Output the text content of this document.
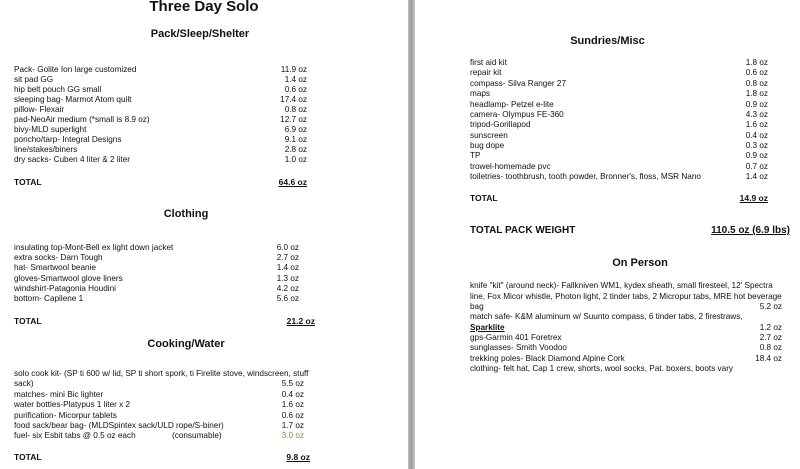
Three Day Solo
Pack/Sleep/Shelter
Pack- Golite Ion large customized	11.9 oz
sit pad GG	1.4 oz
hip belt pouch GG small	0.6 oz
sleeping bag- Marmot Atom quilt	17.4 oz
pillow- Flexair	0.8 oz
pad-NeoAir medium (*small is 8.9 oz)	12.7 oz
bivy-MLD superlight	6.9 oz
poncho/tarp- Integral Designs	9.1 oz
line/stakes/biners	2.8 oz
dry sacks- Cuben 4 liter & 2 liter	1.0 oz
TOTAL	64.6 oz
Clothing
insulating top-Mont-Bell ex light down jacket	6.0 oz
extra socks- Darn Tough	2.7 oz
hat- Smartwool beanie	1.4 oz
gloves-Smartwool glove liners	1.3 oz
windshirt-Patagonia Houdini	4.2 oz
bottom- Capilene 1	5.6 oz
TOTAL	21.2 oz
Cooking/Water
solo cook kit- (SP ti 600 w/ lid, SP ti short spork, ti Firelite stove, windscreen, stuff
sack)	5.5 oz
matches- mini Bic lighter	0.4 oz
water bottles-Platypus 1 liter x 2	1.6 oz
purification- Micorpur tablets	0.6 oz
food sack/bear bag- (MLDSpintex sack/ULD rope/S-biner)	1.7 oz
fuel- six Esbit tabs @ 0.5 oz each	(consumable)	3.0 oz
TOTAL	9.8 oz
Sundries/Misc
first aid kit	1.8 oz
repair kit	0.6 oz
compass- Silva Ranger 27	0.8 oz
maps	1.8 oz
headlamp- Petzel e-lite	0.9 oz
camera- Olympus FE-360	4.3 oz
tripod-Gorillapod	1.6 oz
sunscreen	0.4 oz
bug dope	0.3 oz
TP	0.9 oz
trowel-homemade pvc	0.7 oz
toiletries- toothbrush, tooth powder, Bronner's, floss, MSR Nano	1.4 oz
TOTAL	14.9 oz
TOTAL PACK WEIGHT	110.5 oz (6.9 lbs)
On Person
knife "kit" (around neck)- Fallkniven WM1, kydex sheath, small firesteel, 12' Spectra
line, Fox Micor whistle, Photon light, 2 tinder tabs, 2 Micropur tabs, MRE hot beverage
bag	5.2 oz
match safe- K&M aluminum w/ Suunto compass, 6 tinder tabs, 2 firestraws,
Sparklite	1.2 oz
gps-Garmin 401 Foretrex	2.7 oz
sunglasses- Smith Voodoo	0.8 oz
trekking poles- Black Diamond Alpine Cork	18.4 oz
clothing- felt hat, Cap 1 crew, shorts, wool socks, Pat. boxers, boots vary
